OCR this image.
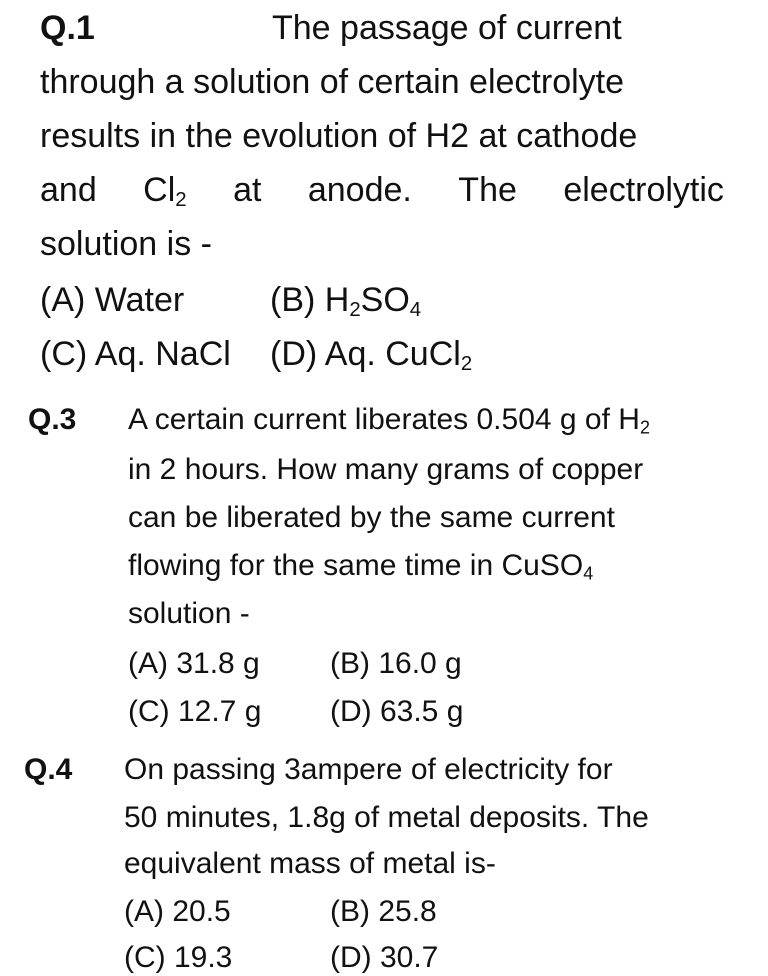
Q.1	The passage of current
through a solution of certain electrolyte
results in the evolution of H2 at cathode
and $Cl_2$ at anode. The electrolytic
solution is -
(A) Water	(B) $H_2SO_4$
(C) Aq. NaCl (D) Aq. CuCl$_2$
Q.3 A certain current liberates 0.504 g of $H_2$
in 2 hours. How many grams of copper
can be liberated by the same current
flowing for the same time in CuSO$_4$
solution -
(A) 31.8 g (B) 16.0 g
(C) 12.7 g (D) 63.5 g
Q.4 On passing 3ampere of electricity for
50 minutes, 1.8g of metal deposits. The
equivalent mass of metal is-
(A) 20.5	(B) 25.8
(C) 19.3	(D) 30.7
